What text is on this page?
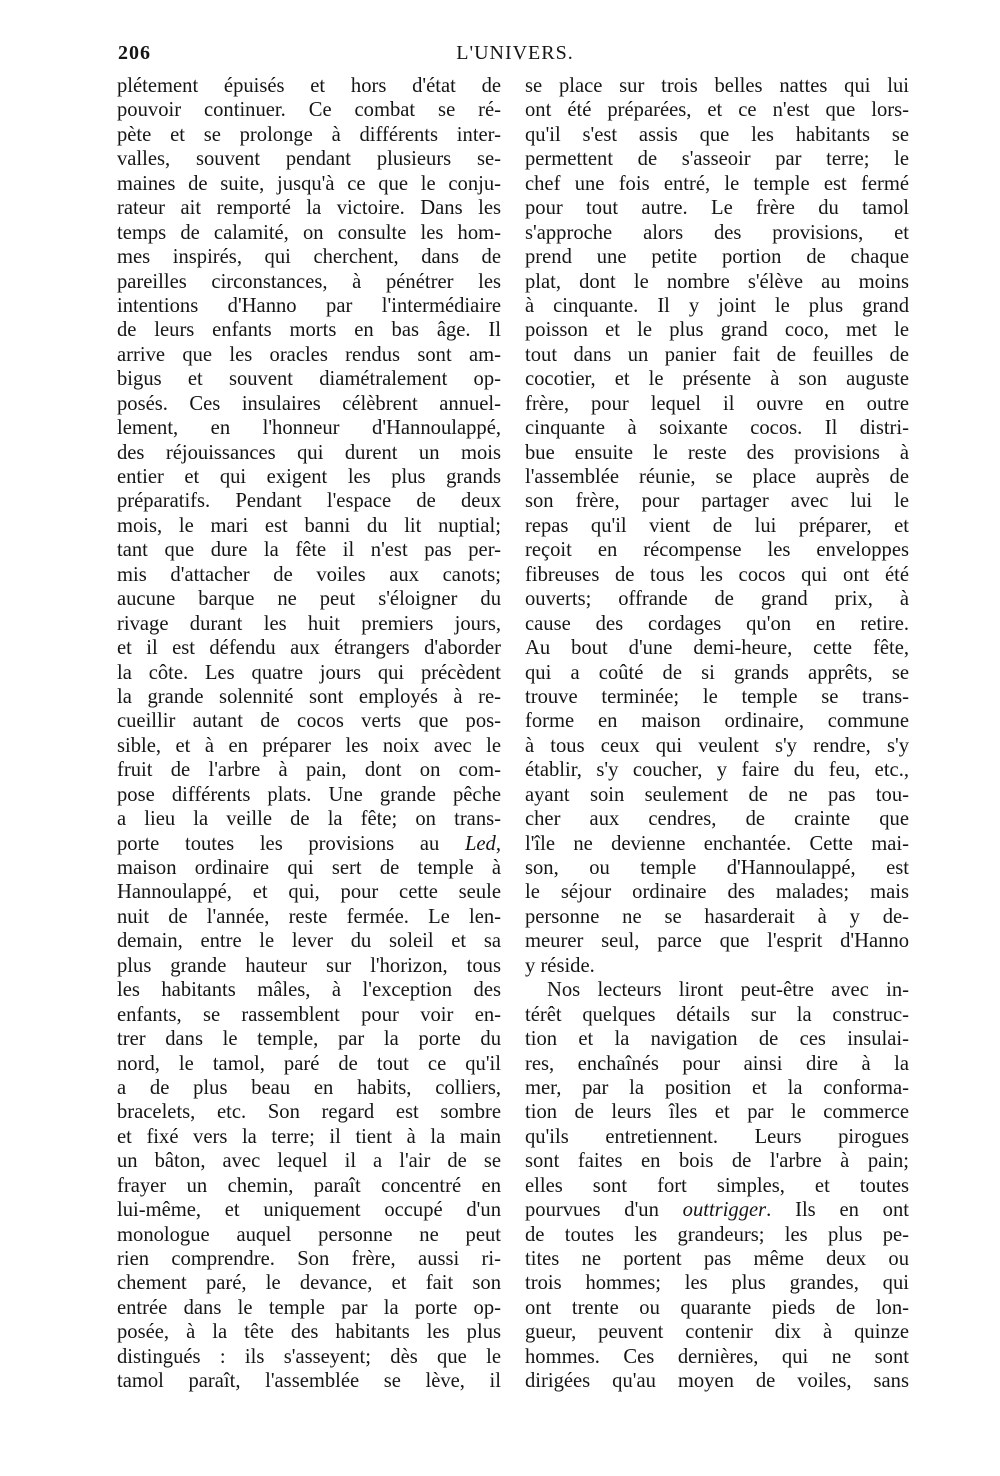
206	L'UNIVERS.
plétement épuisés et hors d'état de
pouvoir continuer. Ce combat se ré-
pète et se prolonge à différents inter-
valles, souvent pendant plusieurs se-
maines de suite, jusqu'à ce que le conju-
rateur ait remporté la victoire. Dans les
temps de calamité, on consulte les hom-
mes inspirés, qui cherchent, dans de
pareilles circonstances, à pénétrer les
intentions d'Hanno par l'intermédiaire
de leurs enfants morts en bas âge. Il
arrive que les oracles rendus sont am-
bigus et souvent diamétralement op-
posés. Ces insulaires célèbrent annuel-
lement, en l'honneur d'Hannoulappé,
des réjouissances qui durent un mois
entier et qui exigent les plus grands
préparatifs. Pendant l'espace de deux
mois, le mari est banni du lit nuptial;
tant que dure la fête il n'est pas per-
mis d'attacher de voiles aux canots;
aucune barque ne peut s'éloigner du
rivage durant les huit premiers jours,
et il est défendu aux étrangers d'aborder
la côte. Les quatre jours qui précèdent
la grande solennité sont employés à re-
cueillir autant de cocos verts que pos-
sible, et à en préparer les noix avec le
fruit de l'arbre à pain, dont on com-
pose différents plats. Une grande pêche
a lieu la veille de la fête; on trans-
porte toutes les provisions au Led,
maison ordinaire qui sert de temple à
Hannoulappé, et qui, pour cette seule
nuit de l'année, reste fermée. Le len-
demain, entre le lever du soleil et sa
plus grande hauteur sur l'horizon, tous
les habitants mâles, à l'exception des
enfants, se rassemblent pour voir en-
trer dans le temple, par la porte du
nord, le tamol, paré de tout ce qu'il
a de plus beau en habits, colliers,
bracelets, etc. Son regard est sombre
et fixé vers la terre; il tient à la main
un bâton, avec lequel il a l'air de se
frayer un chemin, paraît concentré en
lui-même, et uniquement occupé d'un
monologue auquel personne ne peut
rien comprendre. Son frère, aussi ri-
chement paré, le devance, et fait son
entrée dans le temple par la porte op-
posée, à la tête des habitants les plus
distingués : ils s'asseyent; dès que le
tamol paraît, l'assemblée se lève, il
se place sur trois belles nattes qui lui
ont été préparées, et ce n'est que lors-
qu'il s'est assis que les habitants se
permettent de s'asseoir par terre; le
chef une fois entré, le temple est fermé
pour tout autre. Le frère du tamol
s'approche alors des provisions, et
prend une petite portion de chaque
plat, dont le nombre s'élève au moins
à cinquante. Il y joint le plus grand
poisson et le plus grand coco, met le
tout dans un panier fait de feuilles de
cocotier, et le présente à son auguste
frère, pour lequel il ouvre en outre
cinquante à soixante cocos. Il distri-
bue ensuite le reste des provisions à
l'assemblée réunie, se place auprès de
son frère, pour partager avec lui le
repas qu'il vient de lui préparer, et
reçoit en récompense les enveloppes
fibreuses de tous les cocos qui ont été
ouverts; offrande de grand prix, à
cause des cordages qu'on en retire.
Au bout d'une demi-heure, cette fête,
qui a coûté de si grands apprêts, se
trouve terminée; le temple se trans-
forme en maison ordinaire, commune
à tous ceux qui veulent s'y rendre, s'y
établir, s'y coucher, y faire du feu, etc.,
ayant soin seulement de ne pas tou-
cher aux cendres, de crainte que
l'île ne devienne enchantée. Cette mai-
son, ou temple d'Hannoulappé, est
le séjour ordinaire des malades; mais
personne ne se hasarderait à y de-
meurer seul, parce que l'esprit d'Hanno
y réside.
Nos lecteurs liront peut-être avec in-
térêt quelques détails sur la construc-
tion et la navigation de ces insulai-
res, enchaînés pour ainsi dire à la
mer, par la position et la conforma-
tion de leurs îles et par le commerce
qu'ils entretiennent. Leurs pirogues
sont faites en bois de l'arbre à pain;
elles sont fort simples, et toutes
pourvues d'un outtrigger. Ils en ont
de toutes les grandeurs; les plus pe-
tites ne portent pas même deux ou
trois hommes; les plus grandes, qui
ont trente ou quarante pieds de lon-
gueur, peuvent contenir dix à quinze
hommes. Ces dernières, qui ne sont
dirigées qu'au moyen de voiles, sans
